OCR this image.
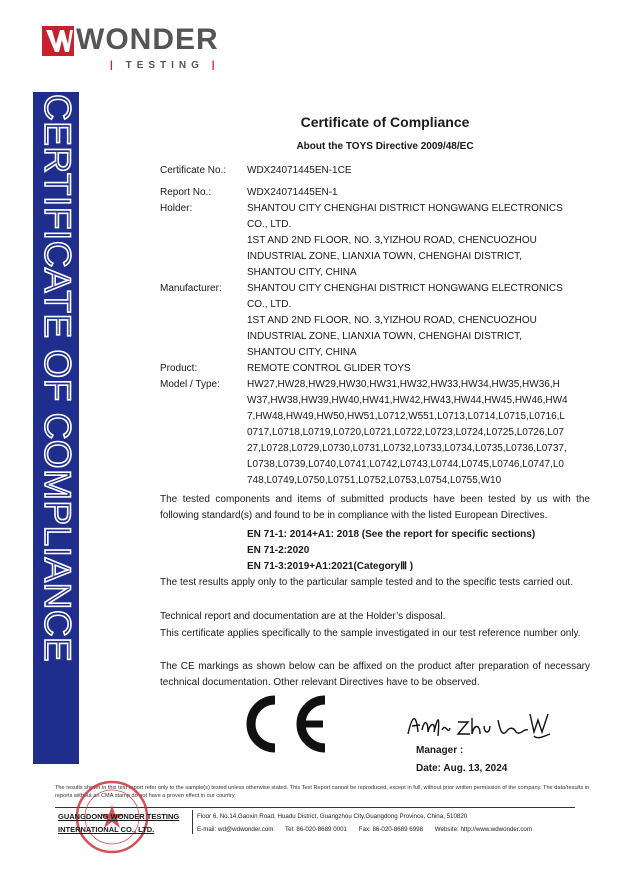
WONDER
| TESTING |
CERTIFICATE OF COMPLIANCE	Certificate of Compliance
About the TOYS Directive 2009/48/EC
Certificate No.:	WDX24071445EN-1CE
Report No.:	WDX24071445EN-1
Holder:	SHANTOU CITY CHENGHAI DISTRICT HONGWANG ELECTRONICS
CO., LTD.
1ST AND 2ND FLOOR, NO. 3,YIZHOU ROAD, CHENCUOZHOU
INDUSTRIAL ZONE, LIANXIA TOWN, CHENGHAI DISTRICT,
SHANTOU CITY, CHINA
Manufacturer:	SHANTOU CITY CHENGHAI DISTRICT HONGWANG ELECTRONICS
CO., LTD.
1ST AND 2ND FLOOR, NO. 3,YIZHOU ROAD, CHENCUOZHOU
INDUSTRIAL ZONE, LIANXIA TOWN, CHENGHAI DISTRICT,
SHANTOU CITY, CHINA
Product:	REMOTE CONTROL GLIDER TOYS
Model / Type:	HW27,HW28,HW29,HW30,HW31,HW32,HW33,HW34,HW35,HW36,H
W37,HW38,HW39,HW40,HW41,HW42,HW43,HW44,HW45,HW46,HW4
7,HW48,HW49,HW50,HW51,L0712,W551,L0713,L0714,L0715,L0716,L
0717,L0718,L0719,L0720,L0721,L0722,L0723,L0724,L0725,L0726,L07
27,L0728,L0729,L0730,L0731,L0732,L0733,L0734,L0735,L0736,L0737,
L0738,L0739,L0740,L0741,L0742,L0743,L0744,L0745,L0746,L0747,L0
748,L0749,L0750,L0751,L0752,L0753,L0754,L0755,W10
The tested components and items of submitted products have been tested by us with the following standard(s) and found to be in compliance with the listed European Directives.
EN 71-1: 2014+A1: 2018 (See the report for specific sections)
EN 71-2:2020
EN 71-3:2019+A1:2021(CategoryⅢ )
The test results apply only to the particular sample tested and to the specific tests carried out.
Technical report and documentation are at the Holder’s disposal.
This certificate applies specifically to the sample investigated in our test reference number only.
The CE markings as shown below can be affixed on the product after preparation of necessary technical documentation. Other relevant Directives have to be observed.
Manager :
Date: Aug. 13, 2024
The results shown in this test report refer only to the sample(s) tested unless otherwise stated. This Test Report cannot be reproduced, except in full, without prior written permission of the company. The data/results in reports without an CMA stamp do not have a proven effect in our country.
GUANGDONG WONDER TESTING
INTERNATIONAL CO., LTD.
Floor 6, No.14,Gaoxin Road, Huadu District, Guangzhou City,Guangdong Province, China, 510820
E-mail: wd@wdwonder.com Tel: 86-020-8689 0001 Fax: 86-020-8689 6998 Website: http://www.wdwonder.com
